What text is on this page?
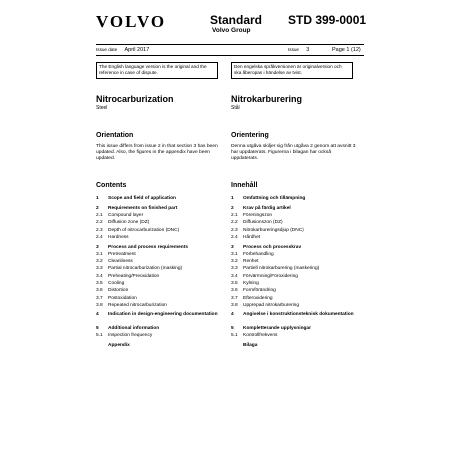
VOLVO	Standard
Volvo Group
STD 399-0001
Issue date April 2017	Issue 3	Page 1 (12)
The English language version is the original and the reference in case of dispute.
Den engelska språkversionen är originalversion och ska åberopas i händelse av tvist.

Nitrocarburization

Steel

Orientation

This issue differs from issue 2 in that section 3 has been updated. Also, the figures in the appendix have been updated.

Contents

1	Scope and field of application
2	Requirements on finished part
2.1	Compound layer
2.2	Diffusion zone (DZ)
2.3	Depth of nitrocarburization (DNC)
2.4	Hardness
3	Process and process requirements
3.1	Pretreatment
3.2	Cleanliness
3.3	Partial nitrocarburization (masking)
3.4	Preheating/Preoxidation
3.5	Cooling
3.6	Distortion
3.7	Postoxidation
3.8	Repeated nitrocarburization
4	Indication in design-engineering documentation
5	Additional information
5.1	Inspection frequency
Appendix

Nitrokarburering

Stål

Orientering

Denna utgåva skiljer sig från utgåva 2 genom att avsnitt 3 har uppdaterats. Figurerna i bilagan har också uppdaterats.

Innehåll

1	Omfattning och tillämpning
2	Krav på färdig artikel
2.1	Föreningszon
2.2	Diffusionszon (DZ)
2.3	Nitrokarbureringsdjup (DNC)
2.4	Hårdhet
3	Process och processkrav
3.1	Förbehandling
3.2	Renhet
3.3	Partiell nitrokarburering (maskering)
3.4	Förvärmning/Föroxidering
3.5	Kylning
3.6	Formförändring
3.7	Efteroxidering
3.8	Upprepad nitrokarburering
4	Angivelse i konstruktionsteknisk dokumentation
5	Kompletterande upplysningar
5.1	Kontrollfrekvens
Bilaga
